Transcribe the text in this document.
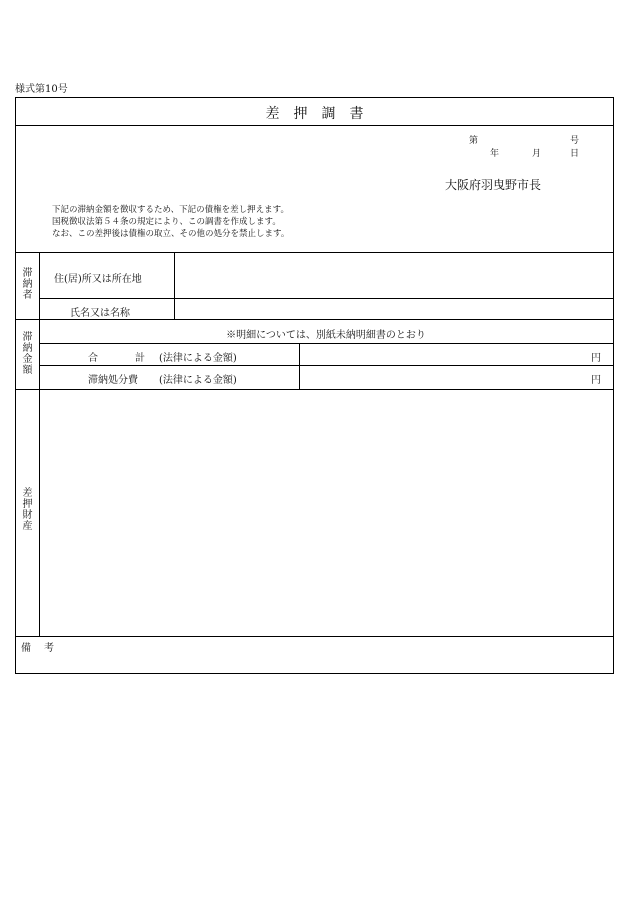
様式第10号
差押調書
第	号
年	月	日
大阪府羽曳野市長
下記の滞納金額を徴収するため、下記の債権を差し押えます。
国税徴収法第５４条の規定により、この調書を作成します。
なお、この差押後は債権の取立、その他の処分を禁止します。
滞
納
者
住(居)所又は所在地
氏名又は名称
滞
納
金
額
※明細については、別紙未納明細書のとおり
合	計 (法律による金額)	円
滞納処分費 (法律による金額)	円
差
押
財
産
備 考
